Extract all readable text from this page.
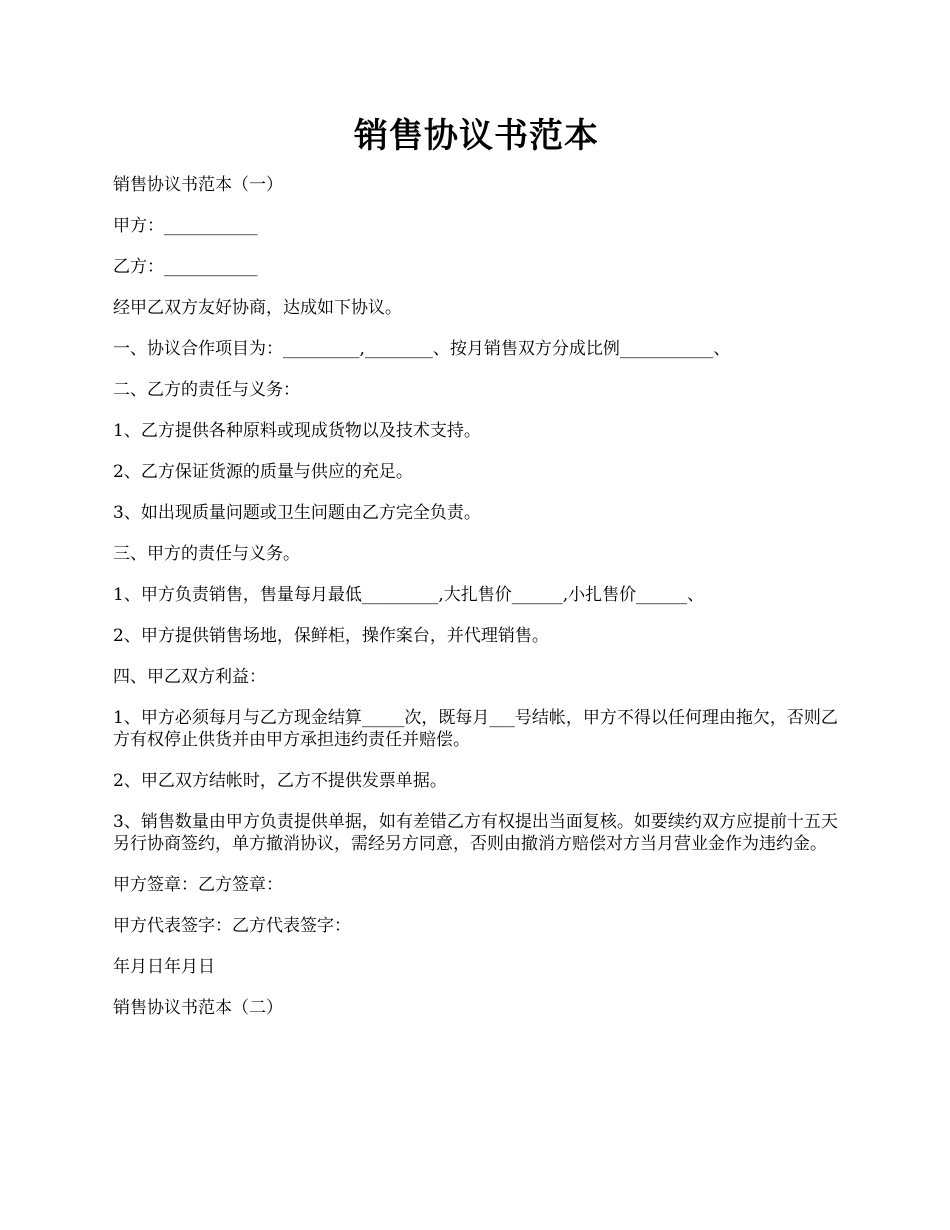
销售协议书范本

销售协议书范本（一）

甲方：___________

乙方：___________

经甲乙双方友好协商，达成如下协议。

一、协议合作项目为：_________,________、按月销售双方分成比例___________、

二、乙方的责任与义务：

1、乙方提供各种原料或现成货物以及技术支持。

2、乙方保证货源的质量与供应的充足。

3、如出现质量问题或卫生问题由乙方完全负责。

三、甲方的责任与义务。

1、甲方负责销售，售量每月最低_________,大扎售价______,小扎售价______、

2、甲方提供销售场地，保鲜柜，操作案台，并代理销售。

四、甲乙双方利益：

1、甲方必须每月与乙方现金结算_____次，既每月___号结帐，甲方不得以任何理由拖欠，否则乙方有权停止供货并由甲方承担违约责任并赔偿。

2、甲乙双方结帐时，乙方不提供发票单据。

3、销售数量由甲方负责提供单据，如有差错乙方有权提出当面复核。如要续约双方应提前十五天另行协商签约，单方撤消协议，需经另方同意，否则由撤消方赔偿对方当月营业金作为违约金。

甲方签章：乙方签章：

甲方代表签字：乙方代表签字：

年月日年月日

销售协议书范本（二）
